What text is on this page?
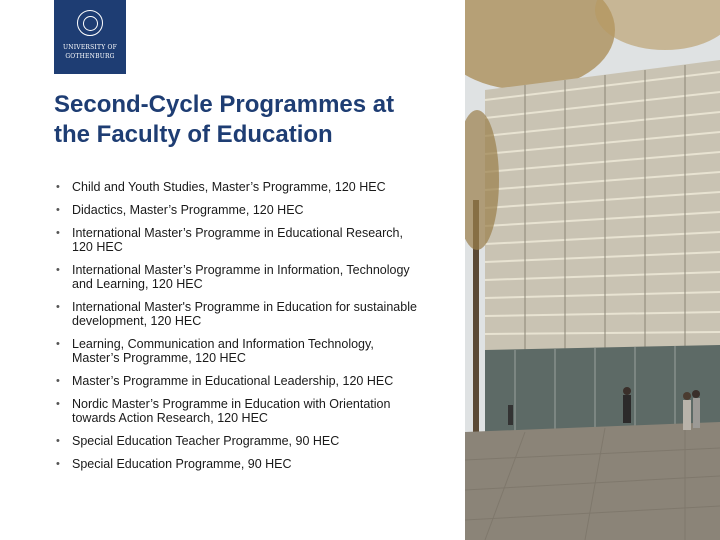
UNIVERSITY OF
GOTHENBURG
Second-Cycle Programmes at
the Faculty of Education
• Child and Youth Studies, Master’s Programme, 120 HEC
• Didactics, Master’s Programme, 120 HEC
• International Master’s Programme in Educational Research,
120 HEC
• International Master’s Programme in Information, Technology
and Learning, 120 HEC
• International Master's Programme in Education for sustainable
development, 120 HEC
• Learning, Communication and Information Technology,
Master’s Programme, 120 HEC
• Master’s Programme in Educational Leadership, 120 HEC
• Nordic Master’s Programme in Education with Orientation
towards Action Research, 120 HEC
• Special Education Teacher Programme, 90 HEC
• Special Education Programme, 90 HEC
